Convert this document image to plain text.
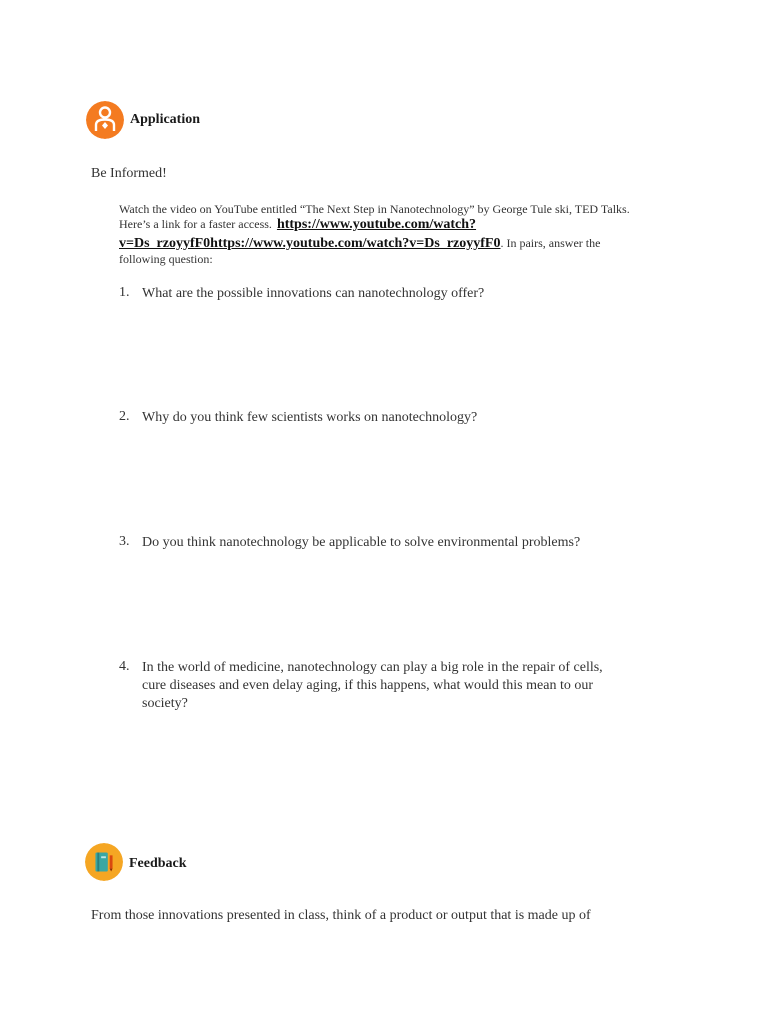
Application
Be Informed!
Watch the video on YouTube entitled “The Next Step in Nanotechnology” by George Tule ski, TED Talks.
Here’s a link for a faster access. https://www.youtube.com/watch?
v=Ds_rzoyyfF0https://www.youtube.com/watch?v=Ds_rzoyyfF0. In pairs, answer the
following question:
1. What are the possible innovations can nanotechnology offer?
2. Why do you think few scientists works on nanotechnology?
3. Do you think nanotechnology be applicable to solve environmental problems?
4. In the world of medicine, nanotechnology can play a big role in the repair of cells,
cure diseases and even delay aging, if this happens, what would this mean to our
society?
Feedback
From those innovations presented in class, think of a product or output that is made up of
